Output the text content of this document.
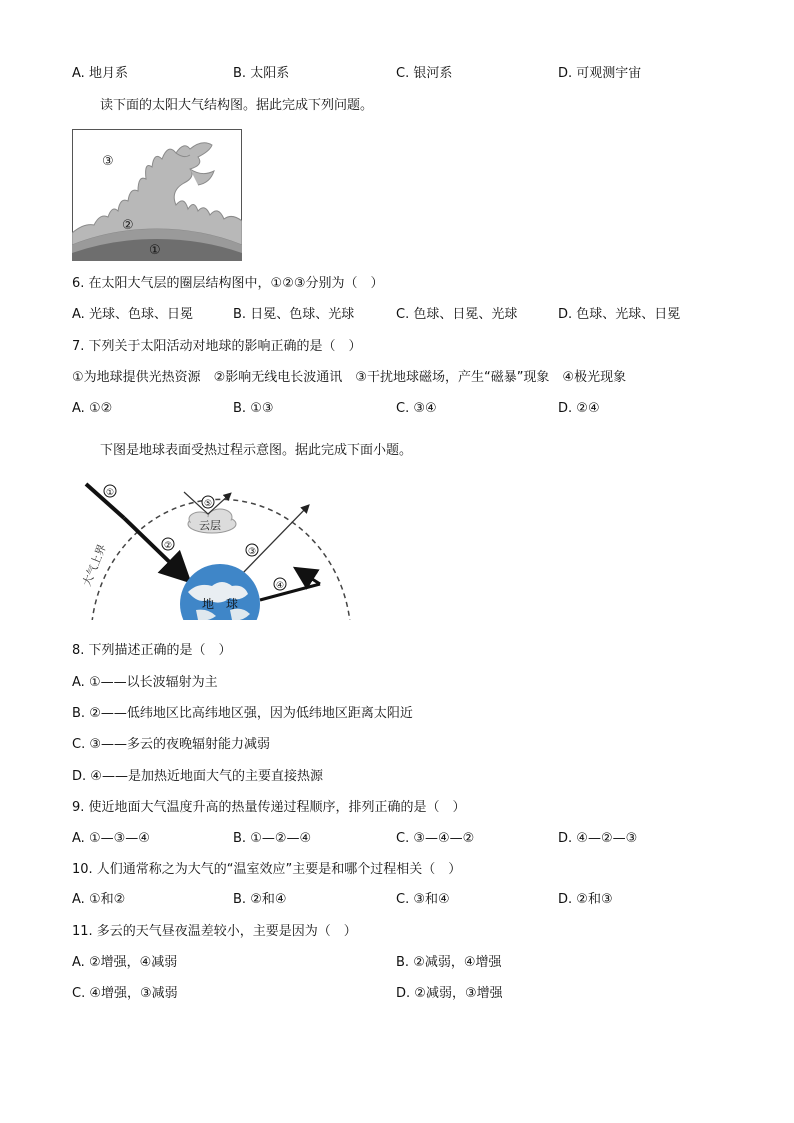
A. 地月系	B. 太阳系	C. 银河系	D. 可观测宇宙
读下面的太阳大气结构图。据此完成下列问题。
③
②
①
6. 在太阳大气层的圈层结构图中，①②③分别为（　）
A. 光球、色球、日冕	B. 日冕、色球、光球	C. 色球、日冕、光球	D. 色球、光球、日冕
7. 下列关于太阳活动对地球的影响正确的是（　）
①为地球提供光热资源　②影响无线电长波通讯　③干扰地球磁场，产生“磁暴”现象　④极光现象
A. ①②	B. ①③	C. ③④	D. ②④
下图是地球表面受热过程示意图。据此完成下面小题。
大气上界
①
②
云层
⑤
③
④
地　球
8. 下列描述正确的是（　）
A. ①——以长波辐射为主
B. ②——低纬地区比高纬地区强，因为低纬地区距离太阳近
C. ③——多云的夜晚辐射能力减弱
D. ④——是加热近地面大气的主要直接热源
9. 使近地面大气温度升高的热量传递过程顺序，排列正确的是（　）
A. ①—③—④	B. ①—②—④	C. ③—④—②	D. ④—②—③
10. 人们通常称之为大气的“温室效应”主要是和哪个过程相关（　）
A. ①和②	B. ②和④	C. ③和④	D. ②和③
11. 多云的天气昼夜温差较小，主要是因为（　）
A. ②增强，④减弱	B. ②减弱，④增强
C. ④增强，③减弱	D. ②减弱，③增强
